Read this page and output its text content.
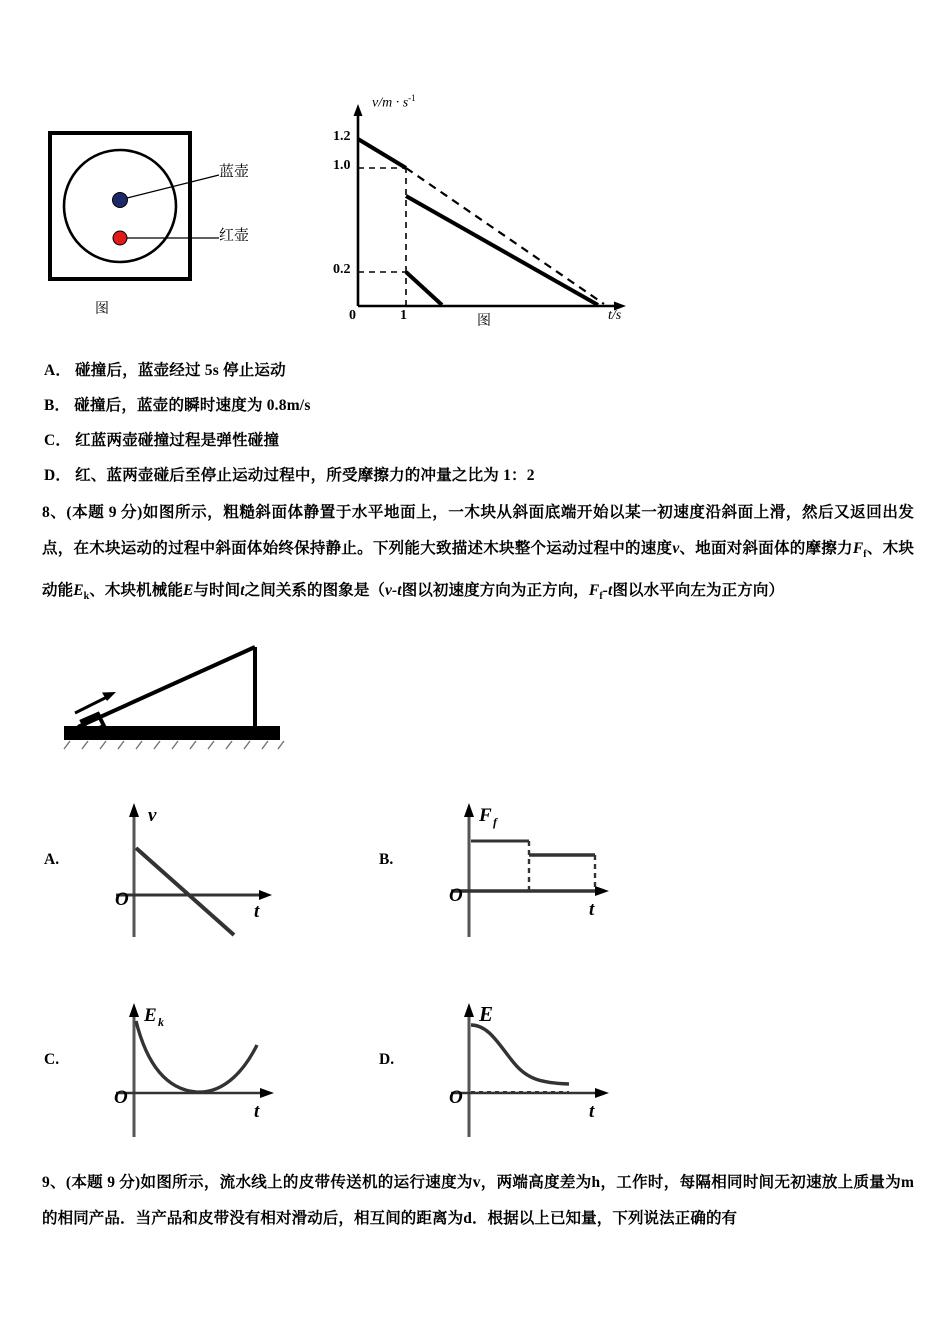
蓝壶
红壶
图
$v/m \cdot s^{-1}$
1.2
1.0
0.2
0	1	t/s
图
A． 碰撞后，蓝壶经过 5s 停止运动
B． 碰撞后，蓝壶的瞬时速度为 0.8m/s
C． 红蓝两壶碰撞过程是弹性碰撞
D． 红、蓝两壶碰后至停止运动过程中，所受摩擦力的冲量之比为 1：2
8、(本题 9 分)如图所示，粗糙斜面体静置于水平地面上，一木块从斜面底端开始以某一初速度沿斜面上滑，然后又返回出发点，在木块运动的过程中斜面体始终保持静止。下列能大致描述木块整个运动过程中的速度v、地面对斜面体的摩擦力$F_f$、木块动能$E_k$、木块机械能E与时间t之间关系的图象是（v-t图以初速度方向为正方向，$F_f-t$图以水平向左为正方向）
A.
v
O
t
B.
F f
O
t
C.
E k
O
t
D.
E
O
t
9、(本题 9 分)如图所示，流水线上的皮带传送机的运行速度为v，两端高度差为h，工作时，每隔相同时间无初速放上质量为m的相同产品．当产品和皮带没有相对滑动后，相互间的距离为d．根据以上已知量，下列说法正确的有
